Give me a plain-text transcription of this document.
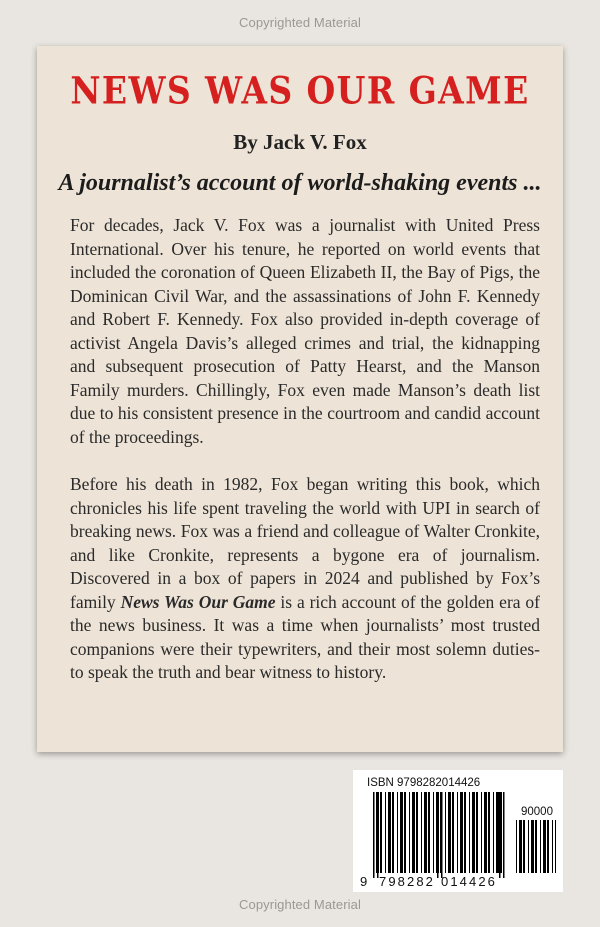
Copyrighted Material
NEWS WAS OUR GAME
By Jack V. Fox
A journalist’s account of world-shaking events ...

For decades, Jack V. Fox was a journalist with United Press International. Over his tenure, he reported on world events that included the coronation of Queen Elizabeth II, the Bay of Pigs, the Dominican Civil War, and the assassinations of John F. Kennedy and Robert F. Kennedy. Fox also provided in-depth coverage of activist Angela Davis’s alleged crimes and trial, the kidnapping and subsequent prosecution of Patty Hearst, and the Manson Family murders. Chillingly, Fox even made Manson’s death list due to his consistent presence in the courtroom and candid account of the proceedings.

Before his death in 1982, Fox began writing this book, which chronicles his life spent traveling the world with UPI in search of breaking news. Fox was a friend and colleague of Walter Cronkite, and like Cronkite, represents a bygone era of journalism. Discovered in a box of papers in 2024 and published by Fox’s family News Was Our Game is a rich account of the golden era of the news business. It was a time when journalists’ most trusted companions were their typewriters, and their most solemn duties-to speak the truth and bear witness to history.

ISBN 9798282014426
90000
9 798282 014426
Copyrighted Material
